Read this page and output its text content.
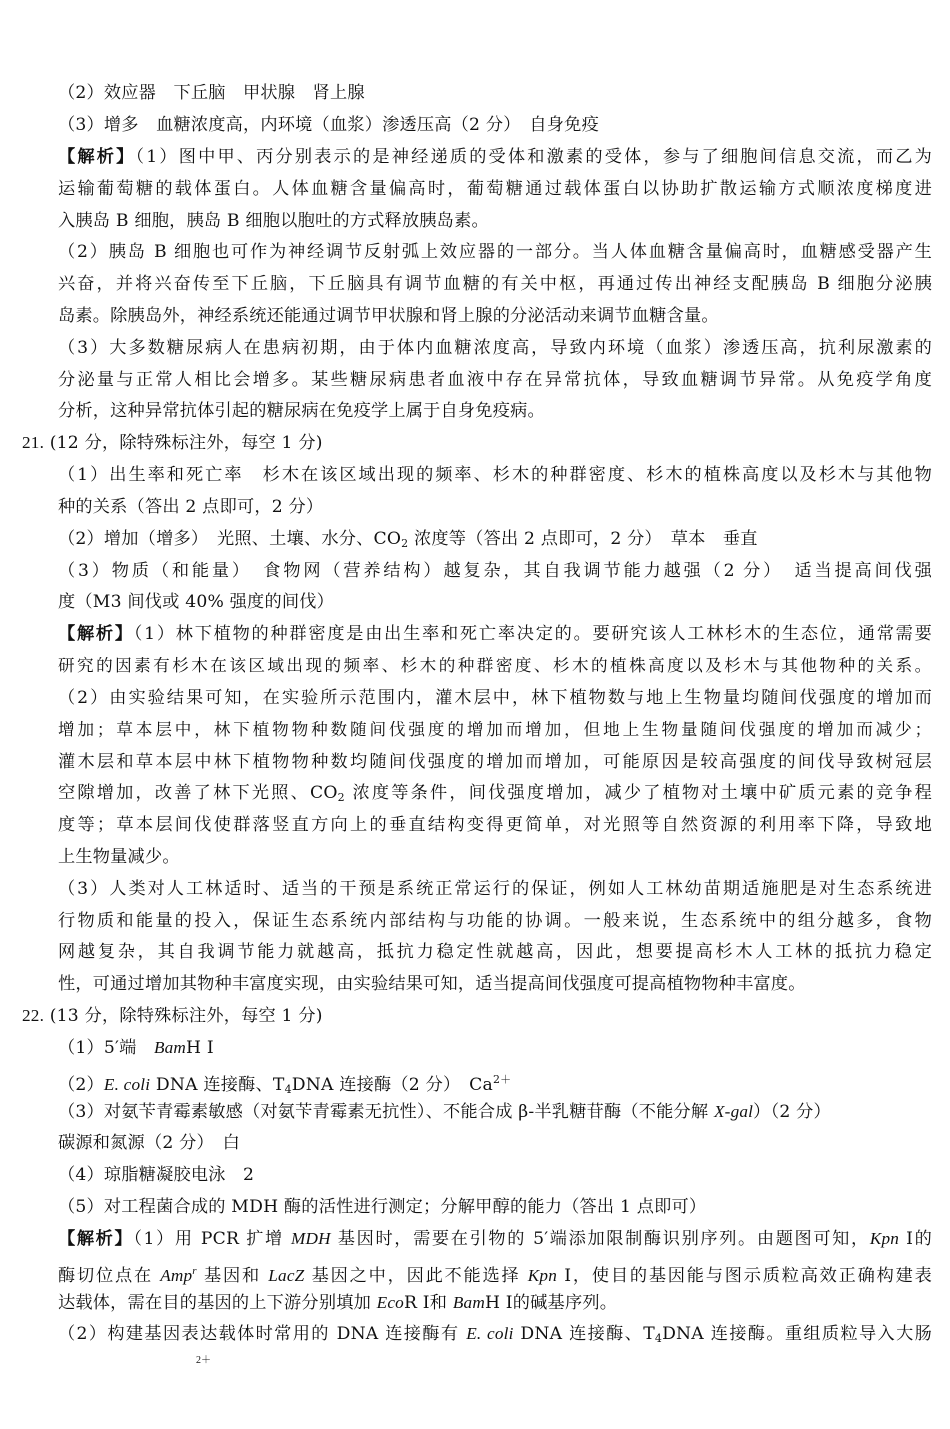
（2）效应器　下丘脑　甲状腺　肾上腺
（3）增多　血糖浓度高，内环境（血浆）渗透压高（2 分）　自身免疫
【解析】（1）图中甲、丙分别表示的是神经递质的受体和激素的受体，参与了细胞间信息交流，而乙为
运输葡萄糖的载体蛋白。人体血糖含量偏高时，葡萄糖通过载体蛋白以协助扩散运输方式顺浓度梯度进
入胰岛 B 细胞，胰岛 B 细胞以胞吐的方式释放胰岛素。
（2）胰岛 B 细胞也可作为神经调节反射弧上效应器的一部分。当人体血糖含量偏高时，血糖感受器产生
兴奋，并将兴奋传至下丘脑，下丘脑具有调节血糖的有关中枢，再通过传出神经支配胰岛 B 细胞分泌胰
岛素。除胰岛外，神经系统还能通过调节甲状腺和肾上腺的分泌活动来调节血糖含量。
（3）大多数糖尿病人在患病初期，由于体内血糖浓度高，导致内环境（血浆）渗透压高，抗利尿激素的
分泌量与正常人相比会增多。某些糖尿病患者血液中存在异常抗体，导致血糖调节异常。从免疫学角度
分析，这种异常抗体引起的糖尿病在免疫学上属于自身免疫病。
21. (12 分，除特殊标注外，每空 1 分)
（1）出生率和死亡率　杉木在该区域出现的频率、杉木的种群密度、杉木的植株高度以及杉木与其他物
种的关系（答出 2 点即可，2 分）
（2）增加（增多）　光照、土壤、水分、$CO_2$ 浓度等（答出 2 点即可，2 分）　草本　垂直
（3）物质（和能量）　食物网（营养结构）越复杂，其自我调节能力越强（2 分）　适当提高间伐强
度（M3 间伐或 40% 强度的间伐）
【解析】（1）林下植物的种群密度是由出生率和死亡率决定的。要研究该人工林杉木的生态位，通常需要
研究的因素有杉木在该区域出现的频率、杉木的种群密度、杉木的植株高度以及杉木与其他物种的关系。
（2）由实验结果可知，在实验所示范围内，灌木层中，林下植物数与地上生物量均随间伐强度的增加而
增加；草本层中，林下植物物种数随间伐强度的增加而增加，但地上生物量随间伐强度的增加而减少；
灌木层和草本层中林下植物物种数均随间伐强度的增加而增加，可能原因是较高强度的间伐导致树冠层
空隙增加，改善了林下光照、$CO_2$ 浓度等条件，间伐强度增加，减少了植物对土壤中矿质元素的竞争程
度等；草本层间伐使群落竖直方向上的垂直结构变得更简单，对光照等自然资源的利用率下降，导致地
上生物量减少。
（3）人类对人工林适时、适当的干预是系统正常运行的保证，例如人工林幼苗期适施肥是对生态系统进
行物质和能量的投入，保证生态系统内部结构与功能的协调。一般来说，生态系统中的组分越多，食物
网越复杂，其自我调节能力就越高，抵抗力稳定性就越高，因此，想要提高杉木人工林的抵抗力稳定
性，可通过增加其物种丰富度实现，由实验结果可知，适当提高间伐强度可提高植物物种丰富度。
22. (13 分，除特殊标注外，每空 1 分)
（1）5′端　BamH Ⅰ
（2）E. coli DNA 连接酶、$T_4DNA$ 连接酶（2 分）　$Ca^{2+}$
（3）对氨苄青霉素敏感（对氨苄青霉素无抗性）、不能合成 β-半乳糖苷酶（不能分解 X-gal）（2 分）
碳源和氮源（2 分）　白
（4）琼脂糖凝胶电泳　2
（5）对工程菌合成的 MDH 酶的活性进行测定；分解甲醇的能力（答出 1 点即可）
【解析】（1）用 PCR 扩增 MDH 基因时，需要在引物的 5′端添加限制酶识别序列。由题图可知，Kpn Ⅰ的
酶切位点在 Amp$^r$ 基因和 LacZ 基因之中，因此不能选择 Kpn Ⅰ，使目的基因能与图示质粒高效正确构建表
达载体，需在目的基因的上下游分别填加 EcoR Ⅰ和 BamH Ⅰ的碱基序列。
（2）构建基因表达载体时常用的 DNA 连接酶有 E. coli DNA 连接酶、$T_4DNA$ 连接酶。重组质粒导入大肠
2＋
